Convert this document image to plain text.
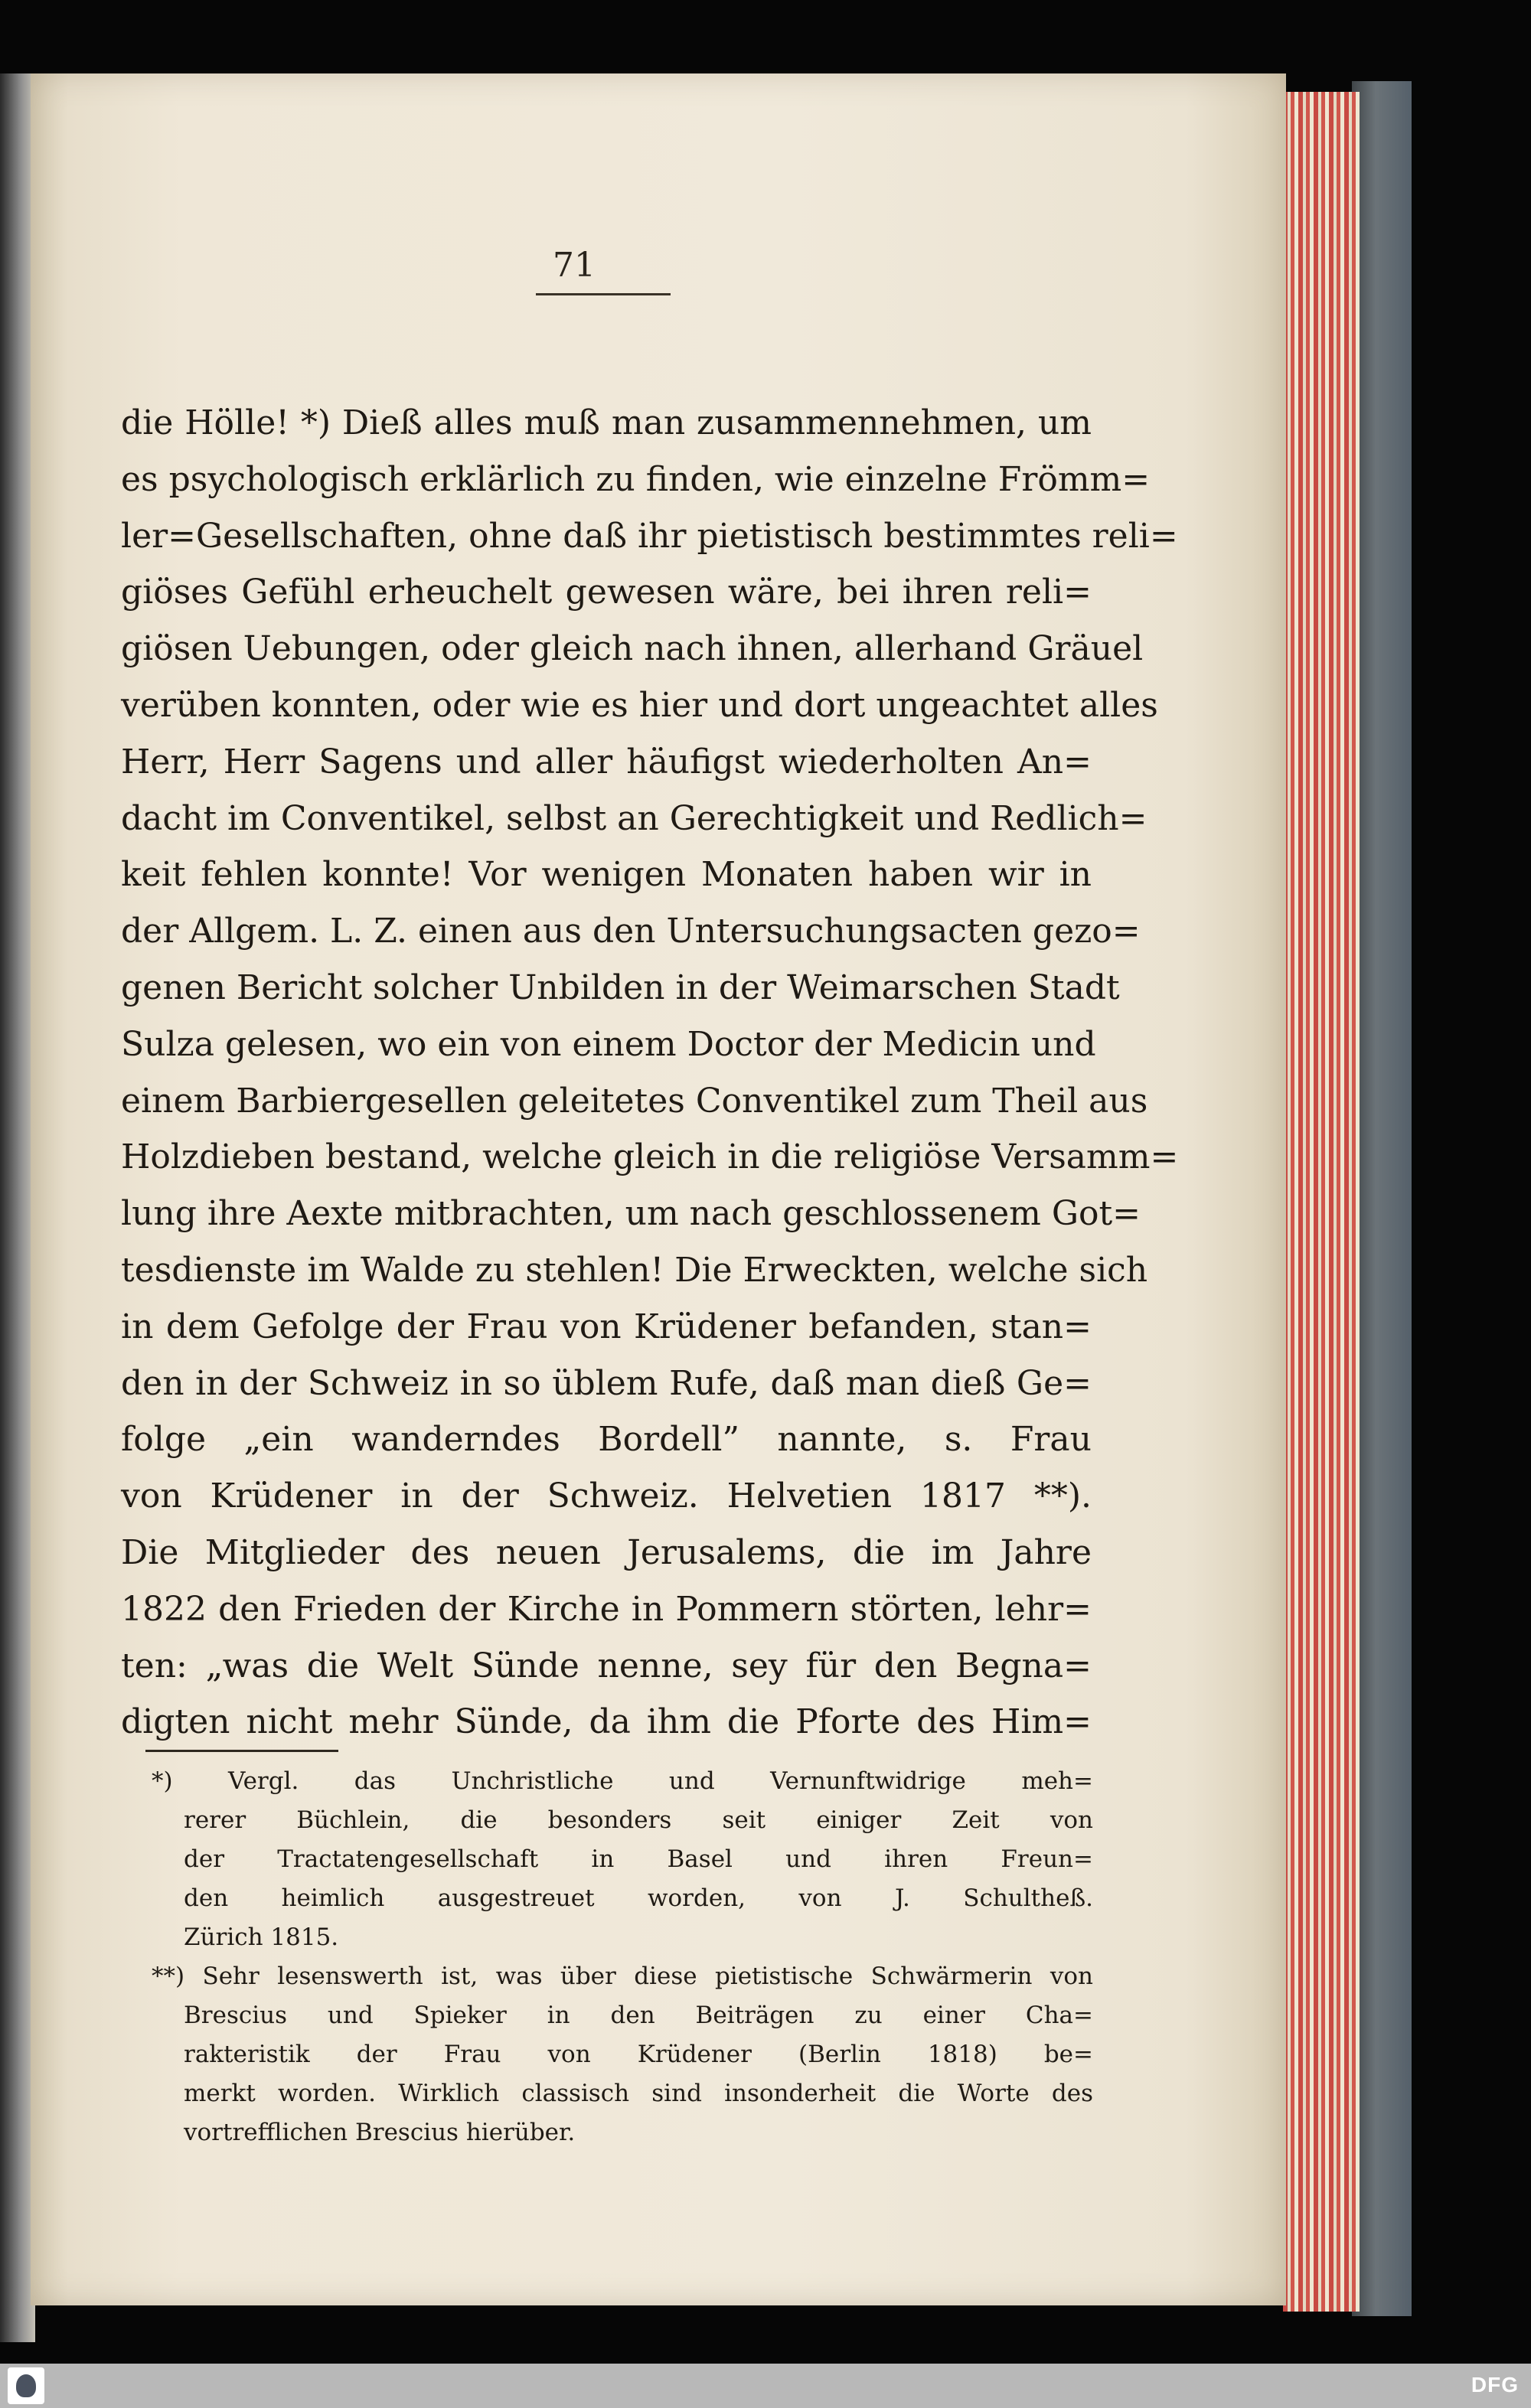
71
die Hölle! *) Dieß alles muß man zusammennehmen, um
es psychologisch erklärlich zu finden, wie einzelne Frömm=
ler=Gesellschaften, ohne daß ihr pietistisch bestimmtes reli=
giöses Gefühl erheuchelt gewesen wäre, bei ihren reli=
giösen Uebungen, oder gleich nach ihnen, allerhand Gräuel
verüben konnten, oder wie es hier und dort ungeachtet alles
Herr, Herr Sagens und aller häufigst wiederholten An=
dacht im Conventikel, selbst an Gerechtigkeit und Redlich=
keit fehlen konnte! Vor wenigen Monaten haben wir in
der Allgem. L. Z. einen aus den Untersuchungsacten gezo=
genen Bericht solcher Unbilden in der Weimarschen Stadt
Sulza gelesen, wo ein von einem Doctor der Medicin und
einem Barbiergesellen geleitetes Conventikel zum Theil aus
Holzdieben bestand, welche gleich in die religiöse Versamm=
lung ihre Aexte mitbrachten, um nach geschlossenem Got=
tesdienste im Walde zu stehlen! Die Erweckten, welche sich
in dem Gefolge der Frau von Krüdener befanden, stan=
den in der Schweiz in so üblem Rufe, daß man dieß Ge=
folge „ein wanderndes Bordell” nannte, s. Frau
von Krüdener in der Schweiz. Helvetien 1817 **).
Die Mitglieder des neuen Jerusalems, die im Jahre
1822 den Frieden der Kirche in Pommern störten, lehr=
ten: „was die Welt Sünde nenne, sey für den Begna=
digten nicht mehr Sünde, da ihm die Pforte des Him=
*) Vergl. das Unchristliche und Vernunftwidrige meh=
rerer Büchlein, die besonders seit einiger Zeit von
der Tractatengesellschaft in Basel und ihren Freun=
den heimlich ausgestreuet worden, von J. Schultheß.
Zürich 1815.
**) Sehr lesenswerth ist, was über diese pietistische Schwärmerin von
Brescius und Spieker in den Beiträgen zu einer Cha=
rakteristik der Frau von Krüdener (Berlin 1818) be=
merkt worden. Wirklich classisch sind insonderheit die Worte des
vortrefflichen Brescius hierüber.
DFG
